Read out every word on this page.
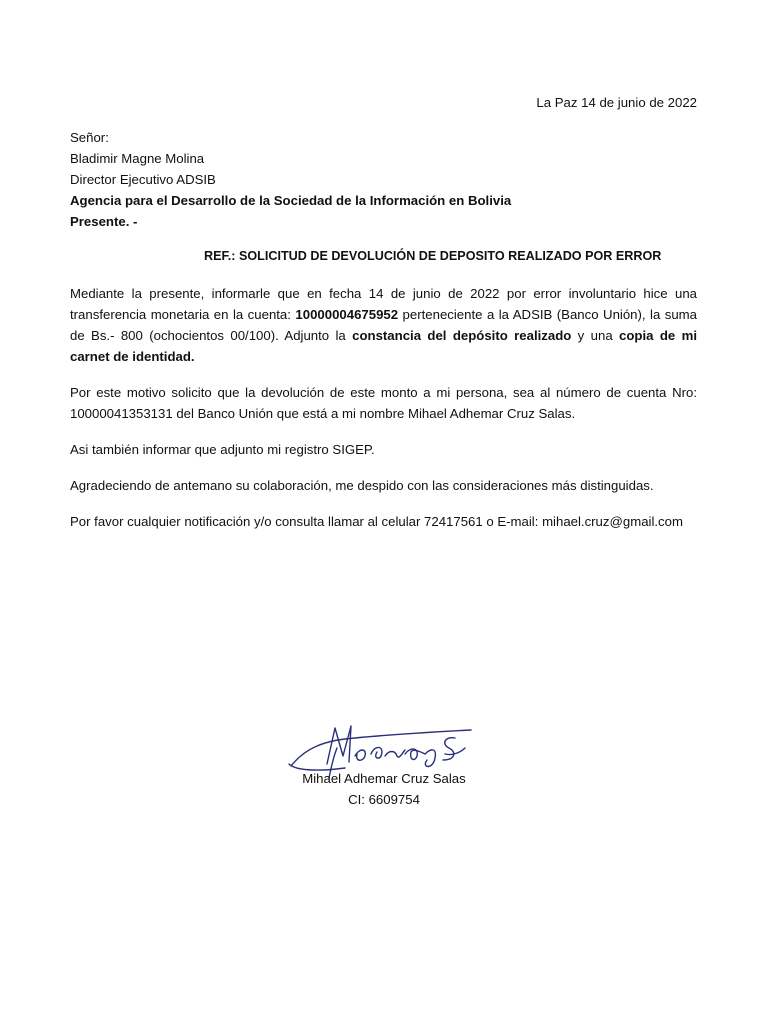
La Paz 14 de junio de 2022
Señor:
Bladimir Magne Molina
Director Ejecutivo ADSIB
Agencia para el Desarrollo de la Sociedad de la Información en Bolivia
Presente. -
REF.: SOLICITUD DE DEVOLUCIÓN DE DEPOSITO REALIZADO POR ERROR

Mediante la presente, informarle que en fecha 14 de junio de 2022 por error involuntario hice una transferencia monetaria en la cuenta: 10000004675952 perteneciente a la ADSIB (Banco Unión), la suma de Bs.- 800 (ochocientos 00/100). Adjunto la constancia del depósito realizado y una copia de mi carnet de identidad.

Por este motivo solicito que la devolución de este monto a mi persona, sea al número de cuenta Nro: 10000041353131 del Banco Unión que está a mi nombre Mihael Adhemar Cruz Salas.

Asi también informar que adjunto mi registro SIGEP.

Agradeciendo de antemano su colaboración, me despido con las consideraciones más distinguidas.

Por favor cualquier notificación y/o consulta llamar al celular 72417561 o E-mail: mihael.cruz@gmail.com

Mihael Adhemar Cruz Salas
CI: 6609754
